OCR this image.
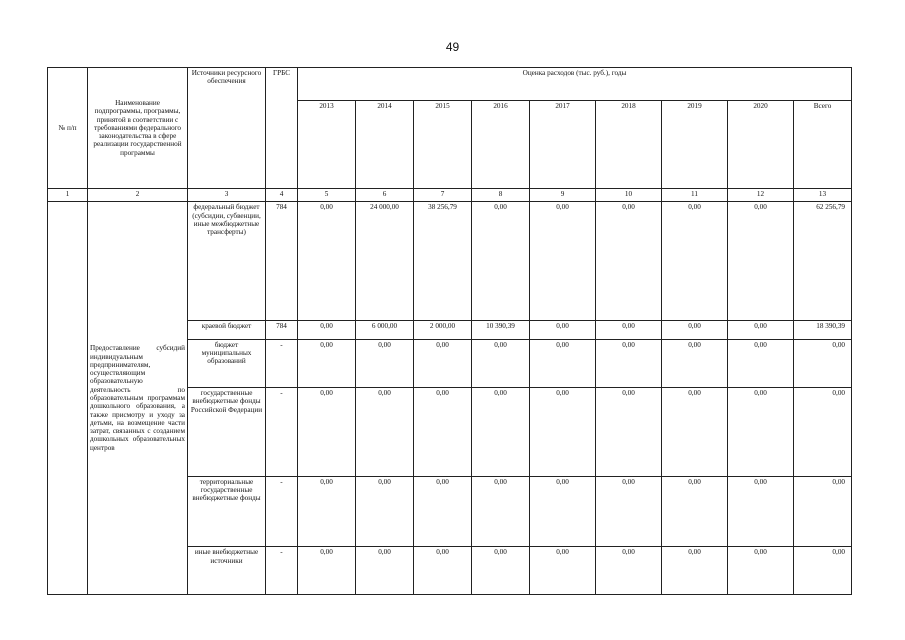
49
№ п/п	Наименование подпрограммы, программы, принятой в соответствии с требованиями федерального законодательства в сфере реализации государственной программы	Источники ресурсного обеспечения	ГРБС	Оценка расходов (тыс. руб.), годы								
				2013	2014	2015	2016	2017	2018	2019	2020	Всего
1	2	3	4	5	6	7	8	9	10	11	12	13
	Предоставление субсидий индивидуальным предпринимателям, осуществляющим образовательную деятельность по образовательным программам дошкольного образования, а также присмотру и уходу за детьми, на возмещение части затрат, связанных с созданием дошкольных образовательных центров	федеральный бюджет (субсидии, субвенции, иные межбюджетные трансферты)	784	0,00	24 000,00	38 256,79	0,00	0,00	0,00	0,00	0,00	62 256,79
		краевой бюджет	784	0,00	6 000,00	2 000,00	10 390,39	0,00	0,00	0,00	0,00	18 390,39
		бюджет муниципальных образований	-	0,00	0,00	0,00	0,00	0,00	0,00	0,00	0,00	0,00
		государственные внебюджетные фонды Российской Федерации	-	0,00	0,00	0,00	0,00	0,00	0,00	0,00	0,00	0,00
		территориальные государственные внебюджетные фонды	-	0,00	0,00	0,00	0,00	0,00	0,00	0,00	0,00	0,00
		иные внебюджетные источники	-	0,00	0,00	0,00	0,00	0,00	0,00	0,00	0,00	0,00
